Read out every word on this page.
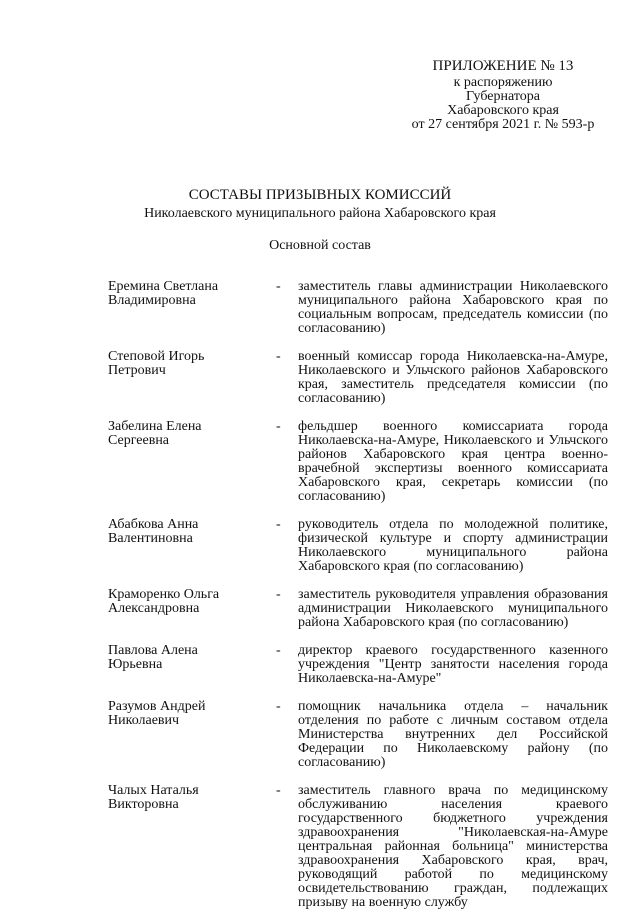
ПРИЛОЖЕНИЕ № 13
к распоряжению
Губернатора
Хабаровского края
от 27 сентября 2021 г. № 593-р
СОСТАВЫ ПРИЗЫВНЫХ КОМИССИЙ
Николаевского муниципального района Хабаровского края
Основной состав
Еремина Светлана
Владимировна
-	заместитель главы администрации Николаевского муниципального района Хабаровского края по социальным вопросам, председатель комиссии (по согласованию)
Степовой Игорь
Петрович
-	военный комиссар города Николаевска-на-Амуре, Николаевского и Ульчского районов Хабаровского края, заместитель председателя комиссии (по согласованию)
Забелина Елена
Сергеевна
-	фельдшер военного комиссариата города Николаевска-на-Амуре, Николаевского и Ульчского районов Хабаровского края центра военно-врачебной экспертизы военного комиссариата Хабаровского края, секретарь комиссии (по согласованию)
Абабкова Анна
Валентиновна
-	руководитель отдела по молодежной политике, физической культуре и спорту администрации Николаевского муниципального района Хабаровского края (по согласованию)
Краморенко Ольга
Александровна
-	заместитель руководителя управления образования администрации Николаевского муниципального района Хабаровского края (по согласованию)
Павлова Алена
Юрьевна
-	директор краевого государственного казенного учреждения "Центр занятости населения города Николаевска-на-Амуре"
Разумов Андрей
Николаевич
-	помощник начальника отдела – начальник отделения по работе с личным составом отдела Министерства внутренних дел Российской Федерации по Николаевскому району (по согласованию)
Чалых Наталья
Викторовна
-	заместитель главного врача по медицинскому обслуживанию населения краевого государственного бюджетного учреждения здравоохранения "Николаевская-на-Амуре центральная районная больница" министерства здравоохранения Хабаровского края, врач, руководящий работой по медицинскому освидетельствованию граждан, подлежащих призыву на военную службу
